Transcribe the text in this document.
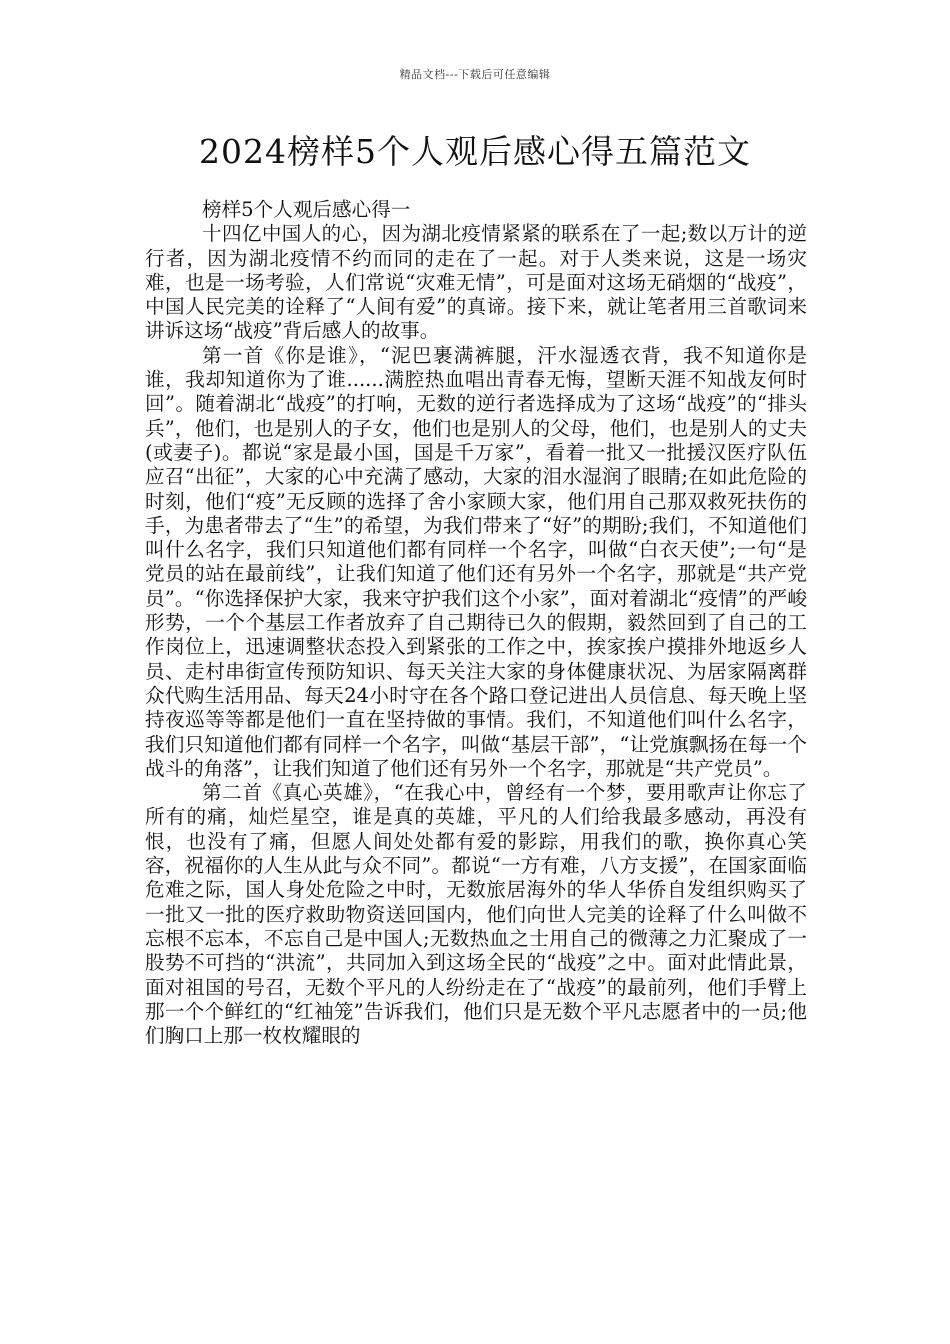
精品文档---下载后可任意编辑
2024榜样5个人观后感心得五篇范文

榜样5个人观后感心得一

十四亿中国人的心，因为湖北疫情紧紧的联系在了一起;数以万计的逆行者，因为湖北疫情不约而同的走在了一起。对于人类来说，这是一场灾难，也是一场考验，人们常说“灾难无情”，可是面对这场无硝烟的“战疫”，中国人民完美的诠释了“人间有爱”的真谛。接下来，就让笔者用三首歌词来讲诉这场“战疫”背后感人的故事。

第一首《你是谁》，“泥巴裹满裤腿，汗水湿透衣背，我不知道你是谁，我却知道你为了谁......满腔热血唱出青春无悔，望断天涯不知战友何时回”。随着湖北“战疫”的打响，无数的逆行者选择成为了这场“战疫”的“排头兵”，他们，也是别人的子女，他们也是别人的父母，他们，也是别人的丈夫(或妻子)。都说“家是最小国，国是千万家”，看着一批又一批援汉医疗队伍应召“出征”，大家的心中充满了感动，大家的泪水湿润了眼睛;在如此危险的时刻，他们“疫”无反顾的选择了舍小家顾大家，他们用自己那双救死扶伤的手，为患者带去了“生”的希望，为我们带来了“好”的期盼;我们，不知道他们叫什么名字，我们只知道他们都有同样一个名字，叫做“白衣天使”;一句“是党员的站在最前线”，让我们知道了他们还有另外一个名字，那就是“共产党员”。“你选择保护大家，我来守护我们这个小家”，面对着湖北“疫情”的严峻形势，一个个基层工作者放弃了自己期待已久的假期，毅然回到了自己的工作岗位上，迅速调整状态投入到紧张的工作之中，挨家挨户摸排外地返乡人员、走村串街宣传预防知识、每天关注大家的身体健康状况、为居家隔离群众代购生活用品、每天24小时守在各个路口登记进出人员信息、每天晚上坚持夜巡等等都是他们一直在坚持做的事情。我们，不知道他们叫什么名字，我们只知道他们都有同样一个名字，叫做“基层干部”，“让党旗飘扬在每一个战斗的角落”，让我们知道了他们还有另外一个名字，那就是“共产党员”。

第二首《真心英雄》，“在我心中，曾经有一个梦，要用歌声让你忘了所有的痛，灿烂星空，谁是真的英雄，平凡的人们给我最多感动，再没有恨，也没有了痛，但愿人间处处都有爱的影踪，用我们的歌，换你真心笑容，祝福你的人生从此与众不同”。都说“一方有难，八方支援”，在国家面临危难之际，国人身处危险之中时，无数旅居海外的华人华侨自发组织购买了一批又一批的医疗救助物资送回国内，他们向世人完美的诠释了什么叫做不忘根不忘本，不忘自己是中国人;无数热血之士用自己的微薄之力汇聚成了一股势不可挡的“洪流”，共同加入到这场全民的“战疫”之中。面对此情此景，面对祖国的号召，无数个平凡的人纷纷走在了“战疫”的最前列，他们手臂上那一个个鲜红的“红袖笼”告诉我们，他们只是无数个平凡志愿者中的一员;他们胸口上那一枚枚耀眼的
